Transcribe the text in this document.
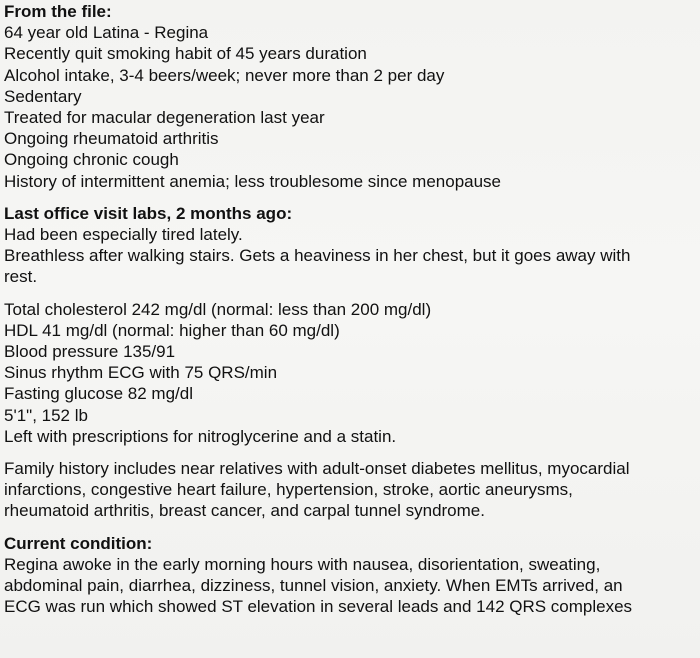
From the file:
64 year old Latina - Regina
Recently quit smoking habit of 45 years duration
Alcohol intake, 3-4 beers/week; never more than 2 per day
Sedentary
Treated for macular degeneration last year
Ongoing rheumatoid arthritis
Ongoing chronic cough
History of intermittent anemia; less troublesome since menopause
Last office visit labs, 2 months ago:
Had been especially tired lately.
Breathless after walking stairs. Gets a heaviness in her chest, but it goes away with
rest.
Total cholesterol 242 mg/dl (normal: less than 200 mg/dl)
HDL 41 mg/dl (normal: higher than 60 mg/dl)
Blood pressure 135/91
Sinus rhythm ECG with 75 QRS/min
Fasting glucose 82 mg/dl
5'1", 152 lb
Left with prescriptions for nitroglycerine and a statin.
Family history includes near relatives with adult-onset diabetes mellitus, myocardial
infarctions, congestive heart failure, hypertension, stroke, aortic aneurysms,
rheumatoid arthritis, breast cancer, and carpal tunnel syndrome.
Current condition:
Regina awoke in the early morning hours with nausea, disorientation, sweating,
abdominal pain, diarrhea, dizziness, tunnel vision, anxiety. When EMTs arrived, an
ECG was run which showed ST elevation in several leads and 142 QRS complexes
